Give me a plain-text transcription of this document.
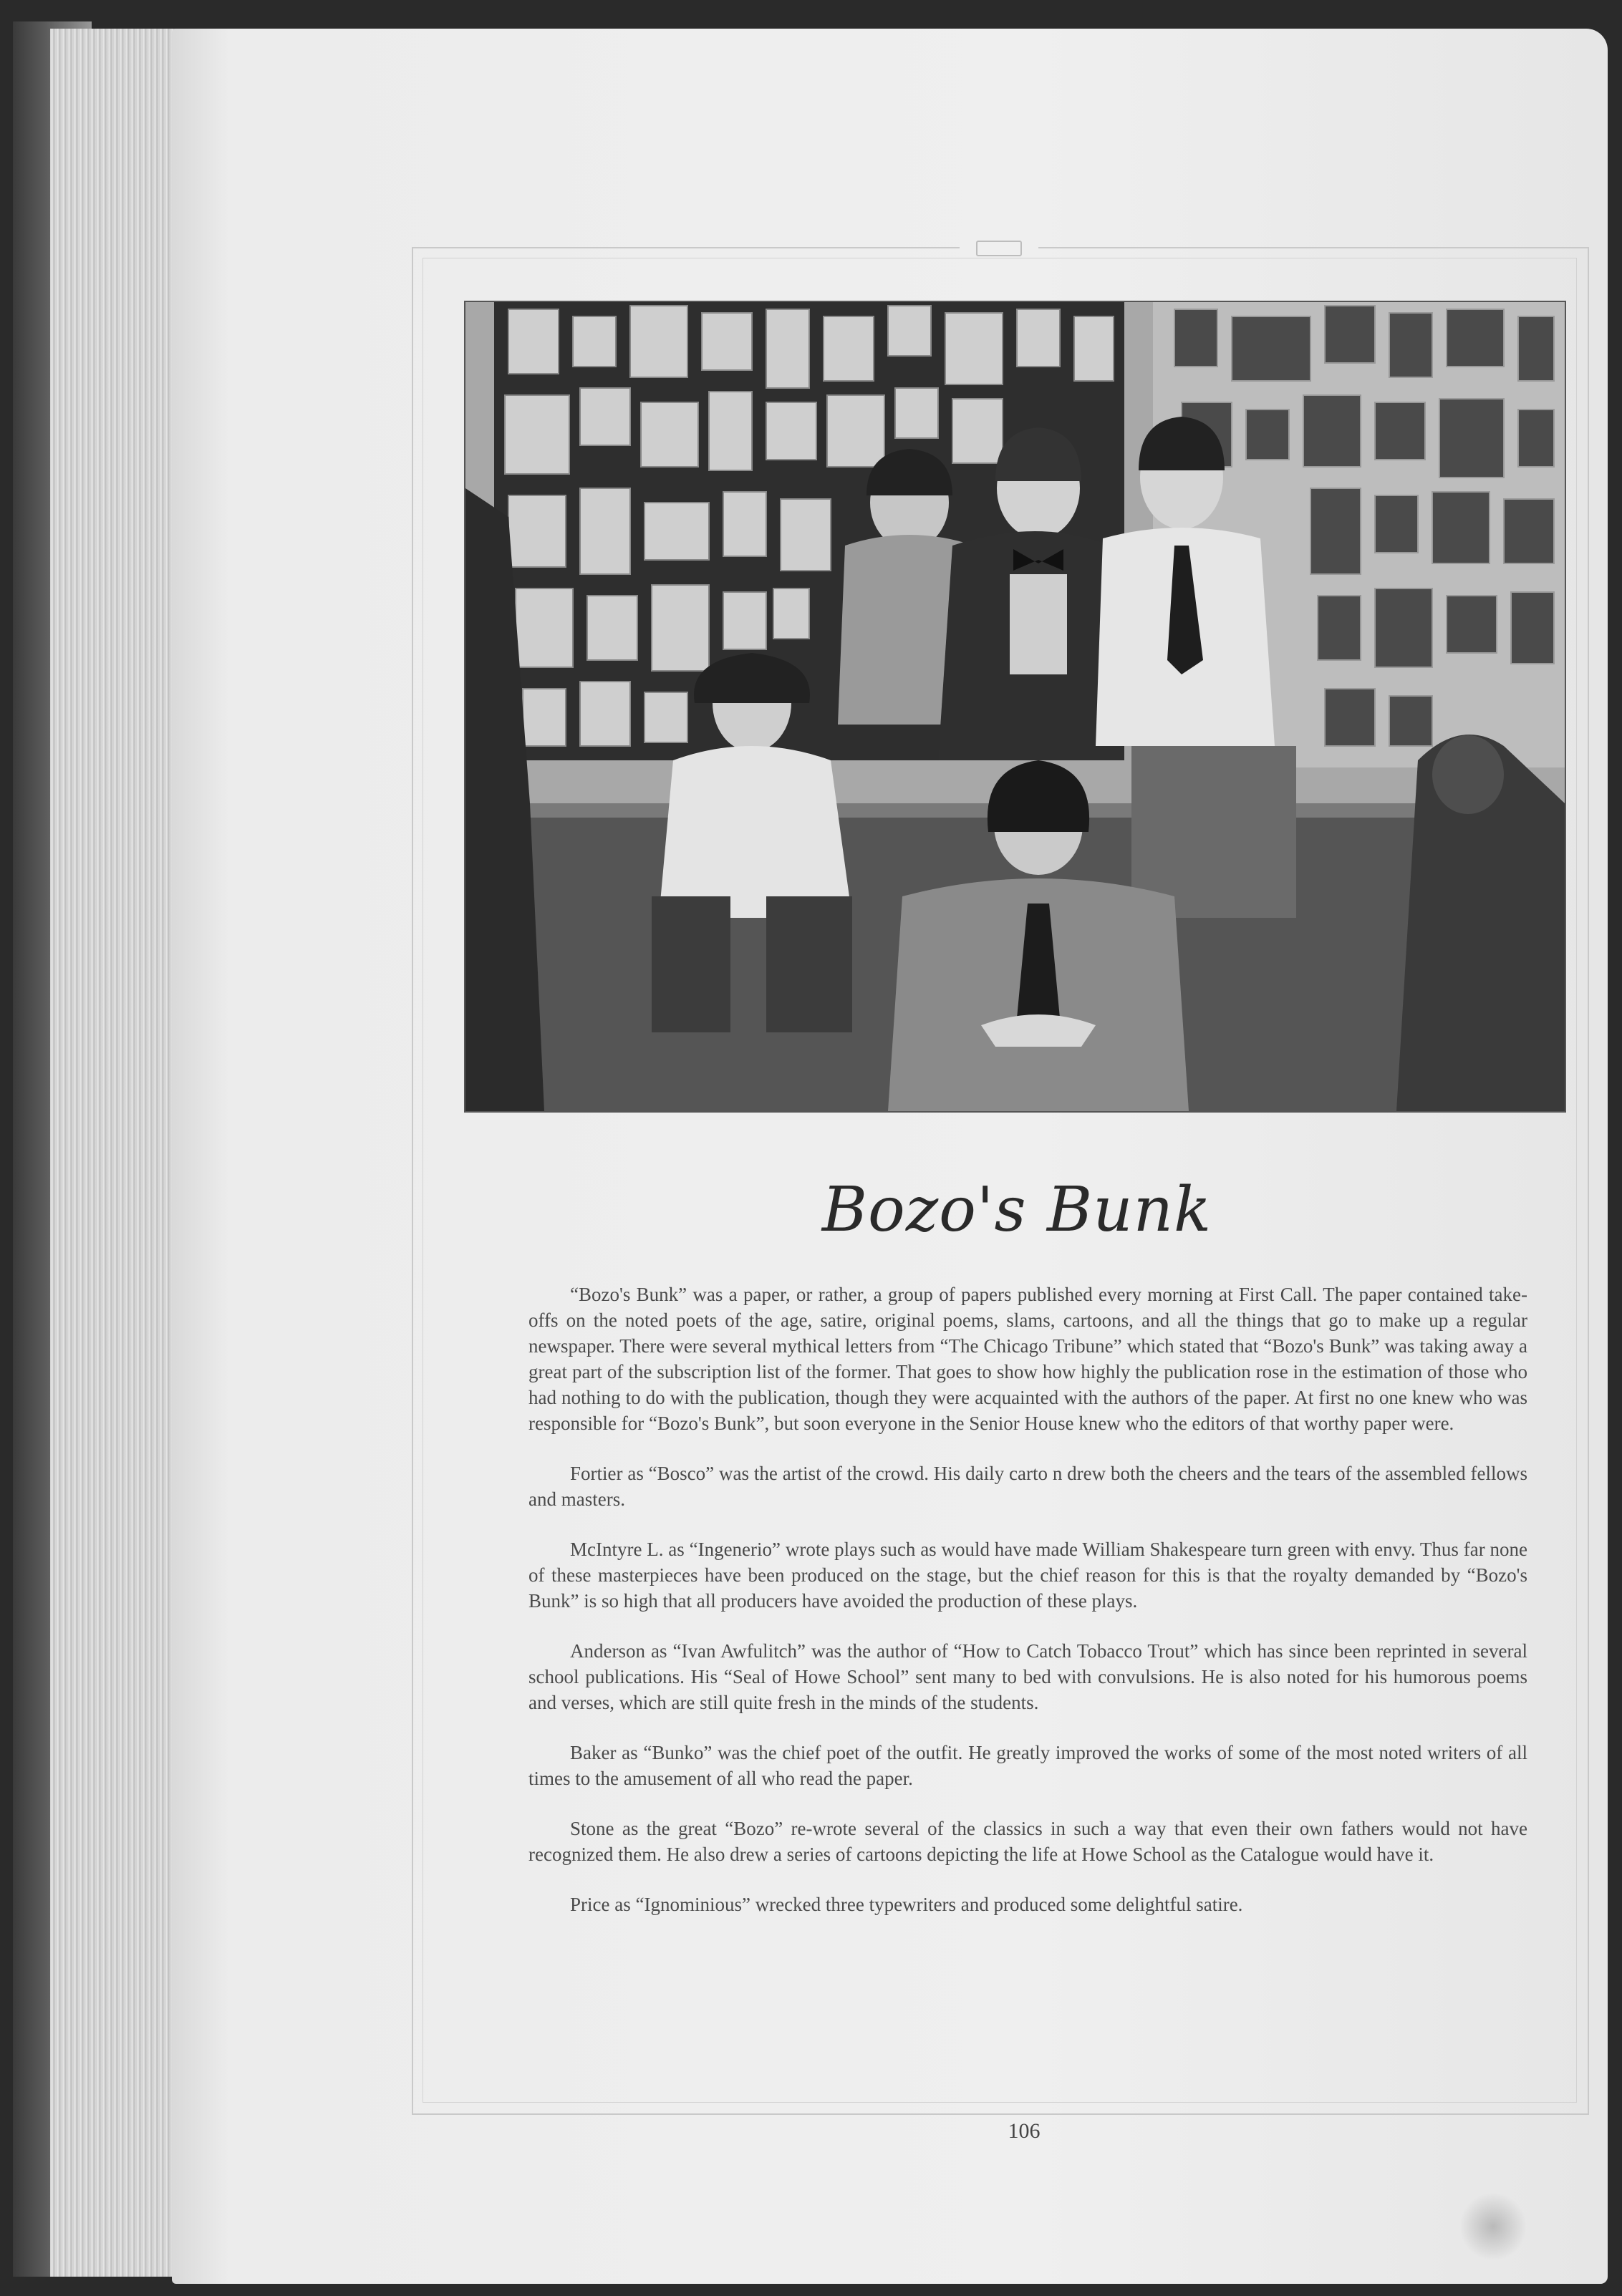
Bozo's Bunk

“Bozo's Bunk” was a paper, or rather, a group of papers published every morning at First Call. The paper contained take-offs on the noted poets of the age, satire, original poems, slams, cartoons, and all the things that go to make up a regular newspaper. There were several mythical letters from “The Chicago Tribune” which stated that “Bozo's Bunk” was taking away a great part of the subscription list of the former. That goes to show how highly the publication rose in the estimation of those who had nothing to do with the publication, though they were acquainted with the authors of the paper. At first no one knew who was responsible for “Bozo's Bunk”, but soon everyone in the Senior House knew who the editors of that worthy paper were.

Fortier as “Bosco” was the artist of the crowd. His daily carto n drew both the cheers and the tears of the assembled fellows and masters.

McIntyre L. as “Ingenerio” wrote plays such as would have made William Shakespeare turn green with envy. Thus far none of these masterpieces have been produced on the stage, but the chief reason for this is that the royalty demanded by “Bozo's Bunk” is so high that all producers have avoided the production of these plays.

Anderson as “Ivan Awfulitch” was the author of “How to Catch Tobacco Trout” which has since been reprinted in several school publications. His “Seal of Howe School” sent many to bed with convulsions. He is also noted for his humorous poems and verses, which are still quite fresh in the minds of the students.

Baker as “Bunko” was the chief poet of the outfit. He greatly improved the works of some of the most noted writers of all times to the amusement of all who read the paper.

Stone as the great “Bozo” re-wrote several of the classics in such a way that even their own fathers would not have recognized them. He also drew a series of cartoons depicting the life at Howe School as the Catalogue would have it.

Price as “Ignominious” wrecked three typewriters and produced some delightful satire.

106
